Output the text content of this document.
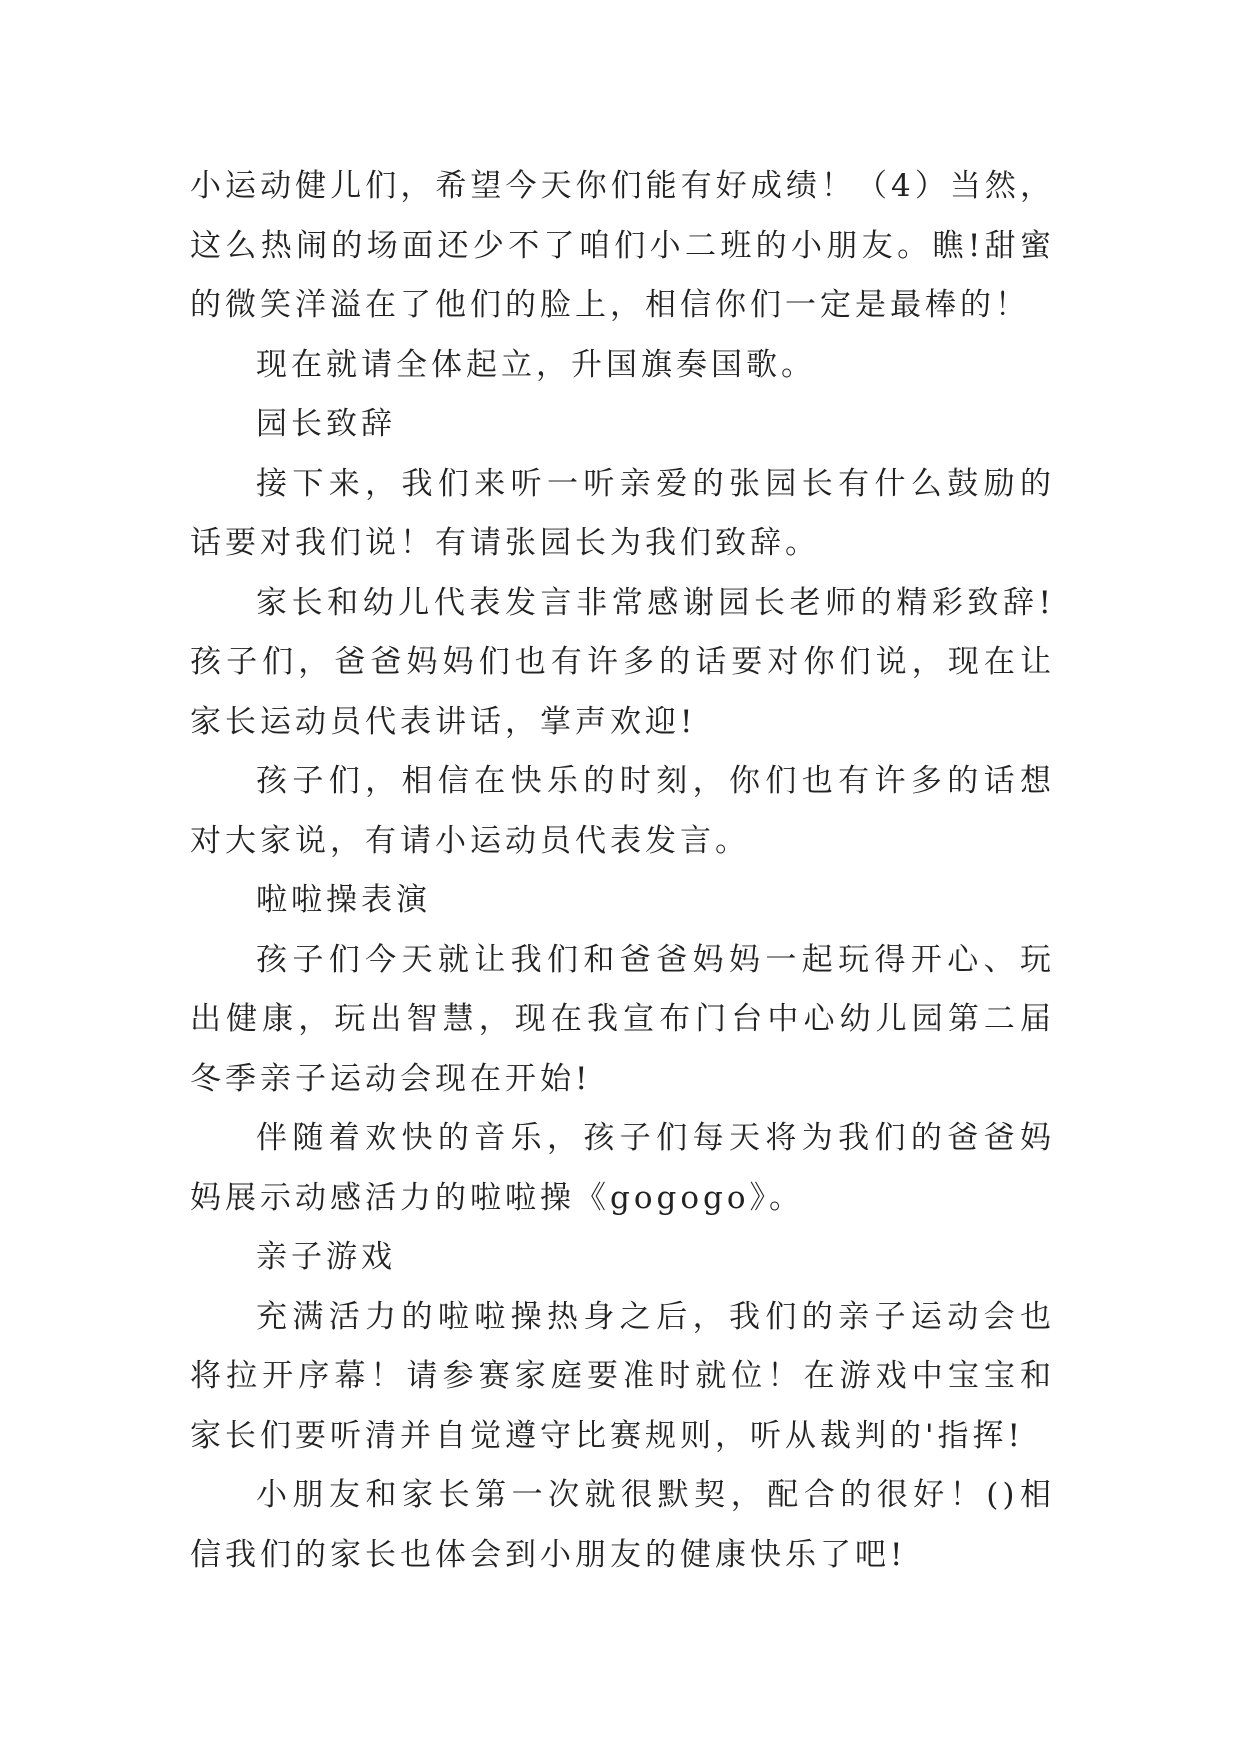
小运动健儿们，希望今天你们能有好成绩！（4）当然，这么热闹的场面还少不了咱们小二班的小朋友。瞧!甜蜜的微笑洋溢在了他们的脸上，相信你们一定是最棒的！

现在就请全体起立，升国旗奏国歌。

园长致辞

接下来，我们来听一听亲爱的张园长有什么鼓励的话要对我们说！有请张园长为我们致辞。

家长和幼儿代表发言非常感谢园长老师的精彩致辞!孩子们，爸爸妈妈们也有许多的话要对你们说，现在让家长运动员代表讲话，掌声欢迎!

孩子们，相信在快乐的时刻，你们也有许多的话想对大家说，有请小运动员代表发言。

啦啦操表演

孩子们今天就让我们和爸爸妈妈一起玩得开心、玩出健康，玩出智慧，现在我宣布门台中心幼儿园第二届冬季亲子运动会现在开始!

伴随着欢快的音乐，孩子们每天将为我们的爸爸妈妈展示动感活力的啦啦操《gogogo》。

亲子游戏

充满活力的啦啦操热身之后，我们的亲子运动会也将拉开序幕！请参赛家庭要准时就位！在游戏中宝宝和家长们要听清并自觉遵守比赛规则，听从裁判的'指挥!

小朋友和家长第一次就很默契，配合的很好！()相信我们的家长也体会到小朋友的健康快乐了吧!
